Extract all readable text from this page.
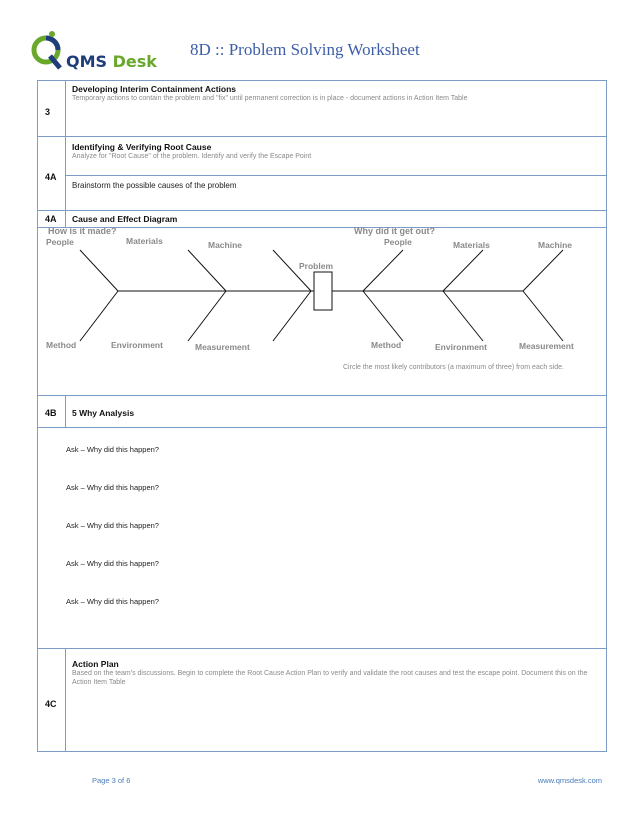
QMS Desk
8D :: Problem Solving Worksheet
3
Developing Interim Containment Actions
Temporary actions to contain the problem and "fix" until permanent correction is in place - document actions in Action Item Table
4A
Identifying & Verifying Root Cause
Analyze for "Root Cause" of the problem. Identify and verify the Escape Point
Brainstorm the possible causes of the problem
4A Cause and Effect Diagram
How is it made?	Why did it get out?
People	Materials	Machine
Problem
People	Materials	Machine
Method	Environment	Measurement	Method	Environment	Measurement
Circle the most likely contributors (a maximum of three) from each side.
4B 5 Why Analysis
Ask – Why did this happen?
Ask – Why did this happen?
Ask – Why did this happen?
Ask – Why did this happen?
Ask – Why did this happen?
4C
Action Plan
Based on the team's discussions. Begin to complete the Root Cause Action Plan to verify and validate the root causes and test the escape point. Document this on the Action Item Table
Page 3 of 6	www.qmsdesk.com
